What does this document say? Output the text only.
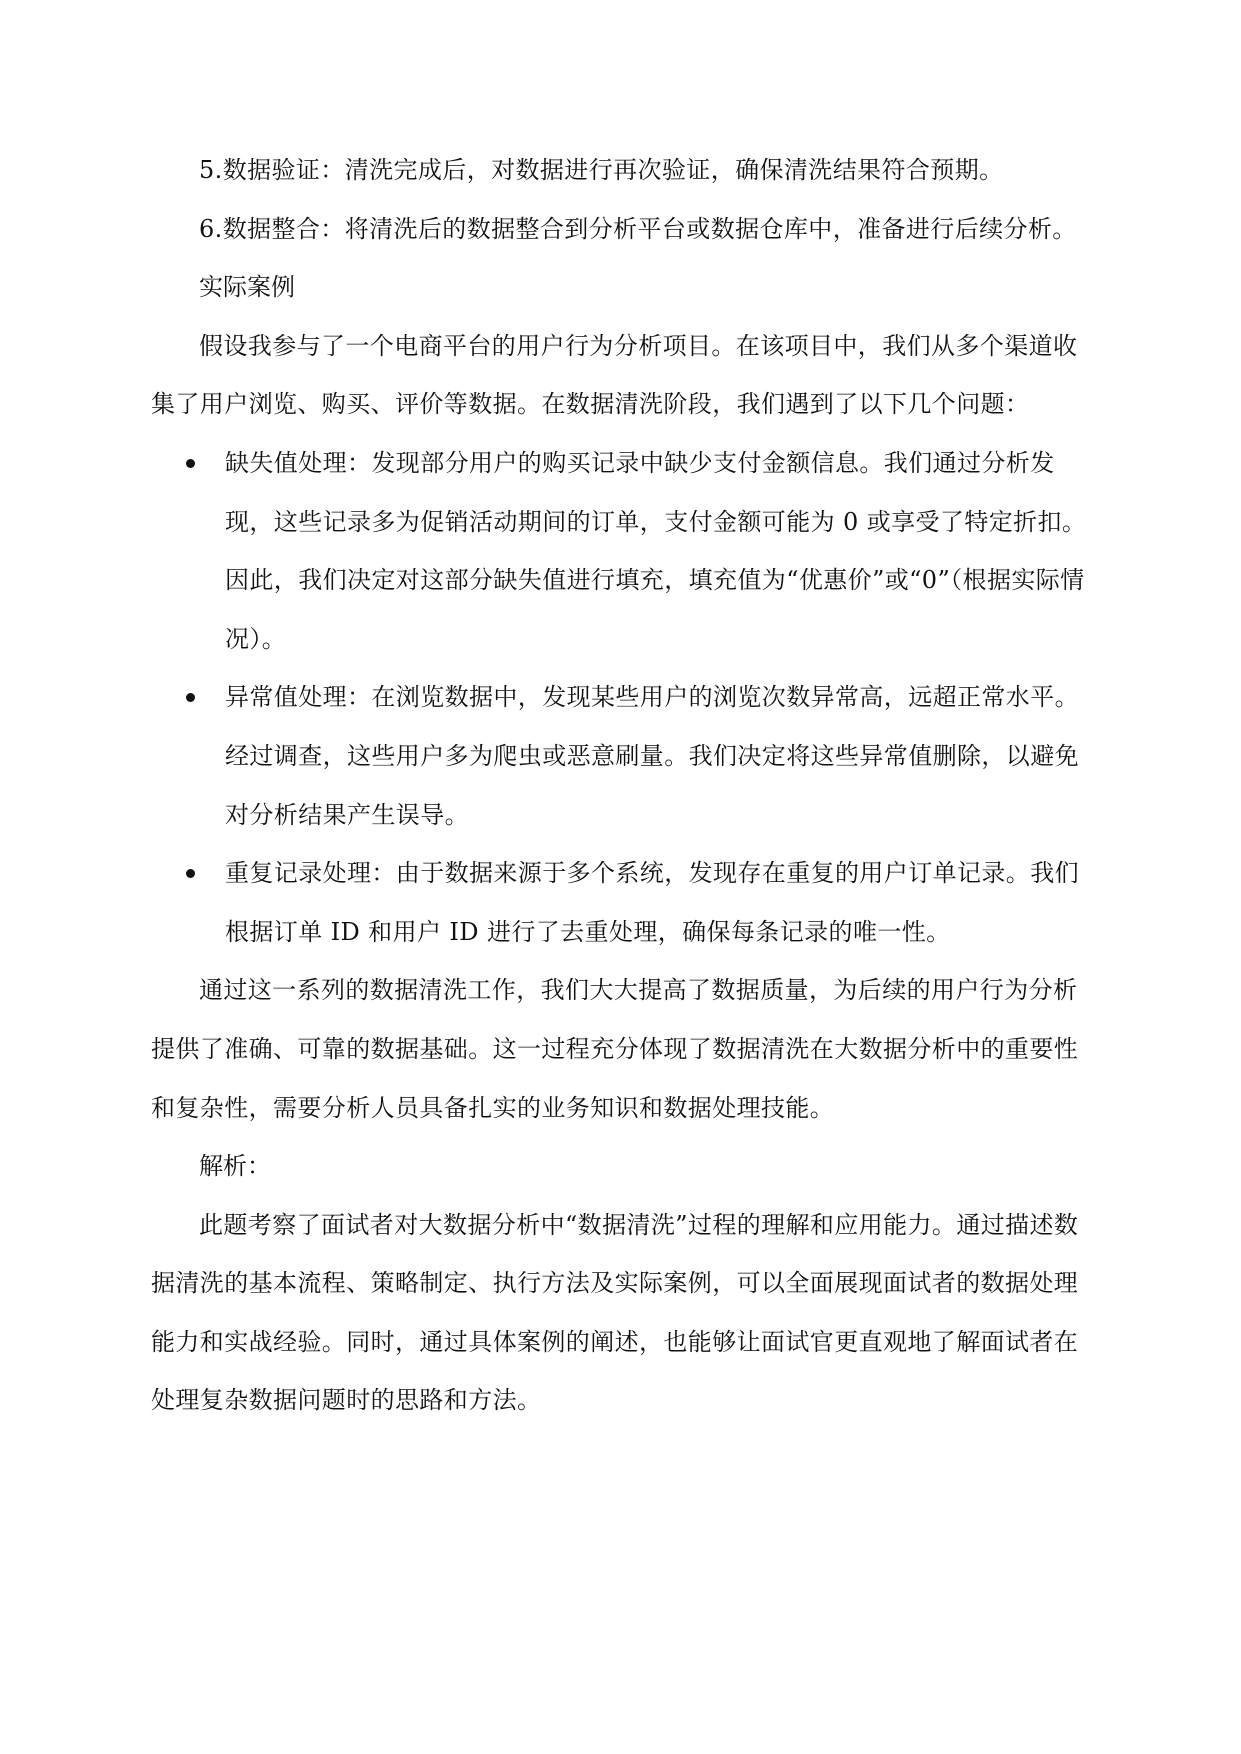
5.数据验证：清洗完成后，对数据进行再次验证，确保清洗结果符合预期。

6.数据整合：将清洗后的数据整合到分析平台或数据仓库中，准备进行后续分析。

实际案例

假设我参与了一个电商平台的用户行为分析项目。在该项目中，我们从多个渠道收集了用户浏览、购买、评价等数据。在数据清洗阶段，我们遇到了以下几个问题：

缺失值处理：发现部分用户的购买记录中缺少支付金额信息。我们通过分析发现，这些记录多为促销活动期间的订单，支付金额可能为 0 或享受了特定折扣。因此，我们决定对这部分缺失值进行填充，填充值为“优惠价”或“0”（根据实际情况）。
异常值处理：在浏览数据中，发现某些用户的浏览次数异常高，远超正常水平。经过调查，这些用户多为爬虫或恶意刷量。我们决定将这些异常值删除，以避免对分析结果产生误导。
重复记录处理：由于数据来源于多个系统，发现存在重复的用户订单记录。我们根据订单 ID 和用户 ID 进行了去重处理，确保每条记录的唯一性。

通过这一系列的数据清洗工作，我们大大提高了数据质量，为后续的用户行为分析提供了准确、可靠的数据基础。这一过程充分体现了数据清洗在大数据分析中的重要性和复杂性，需要分析人员具备扎实的业务知识和数据处理技能。

解析：

此题考察了面试者对大数据分析中“数据清洗”过程的理解和应用能力。通过描述数据清洗的基本流程、策略制定、执行方法及实际案例，可以全面展现面试者的数据处理能力和实战经验。同时，通过具体案例的阐述，也能够让面试官更直观地了解面试者在处理复杂数据问题时的思路和方法。
